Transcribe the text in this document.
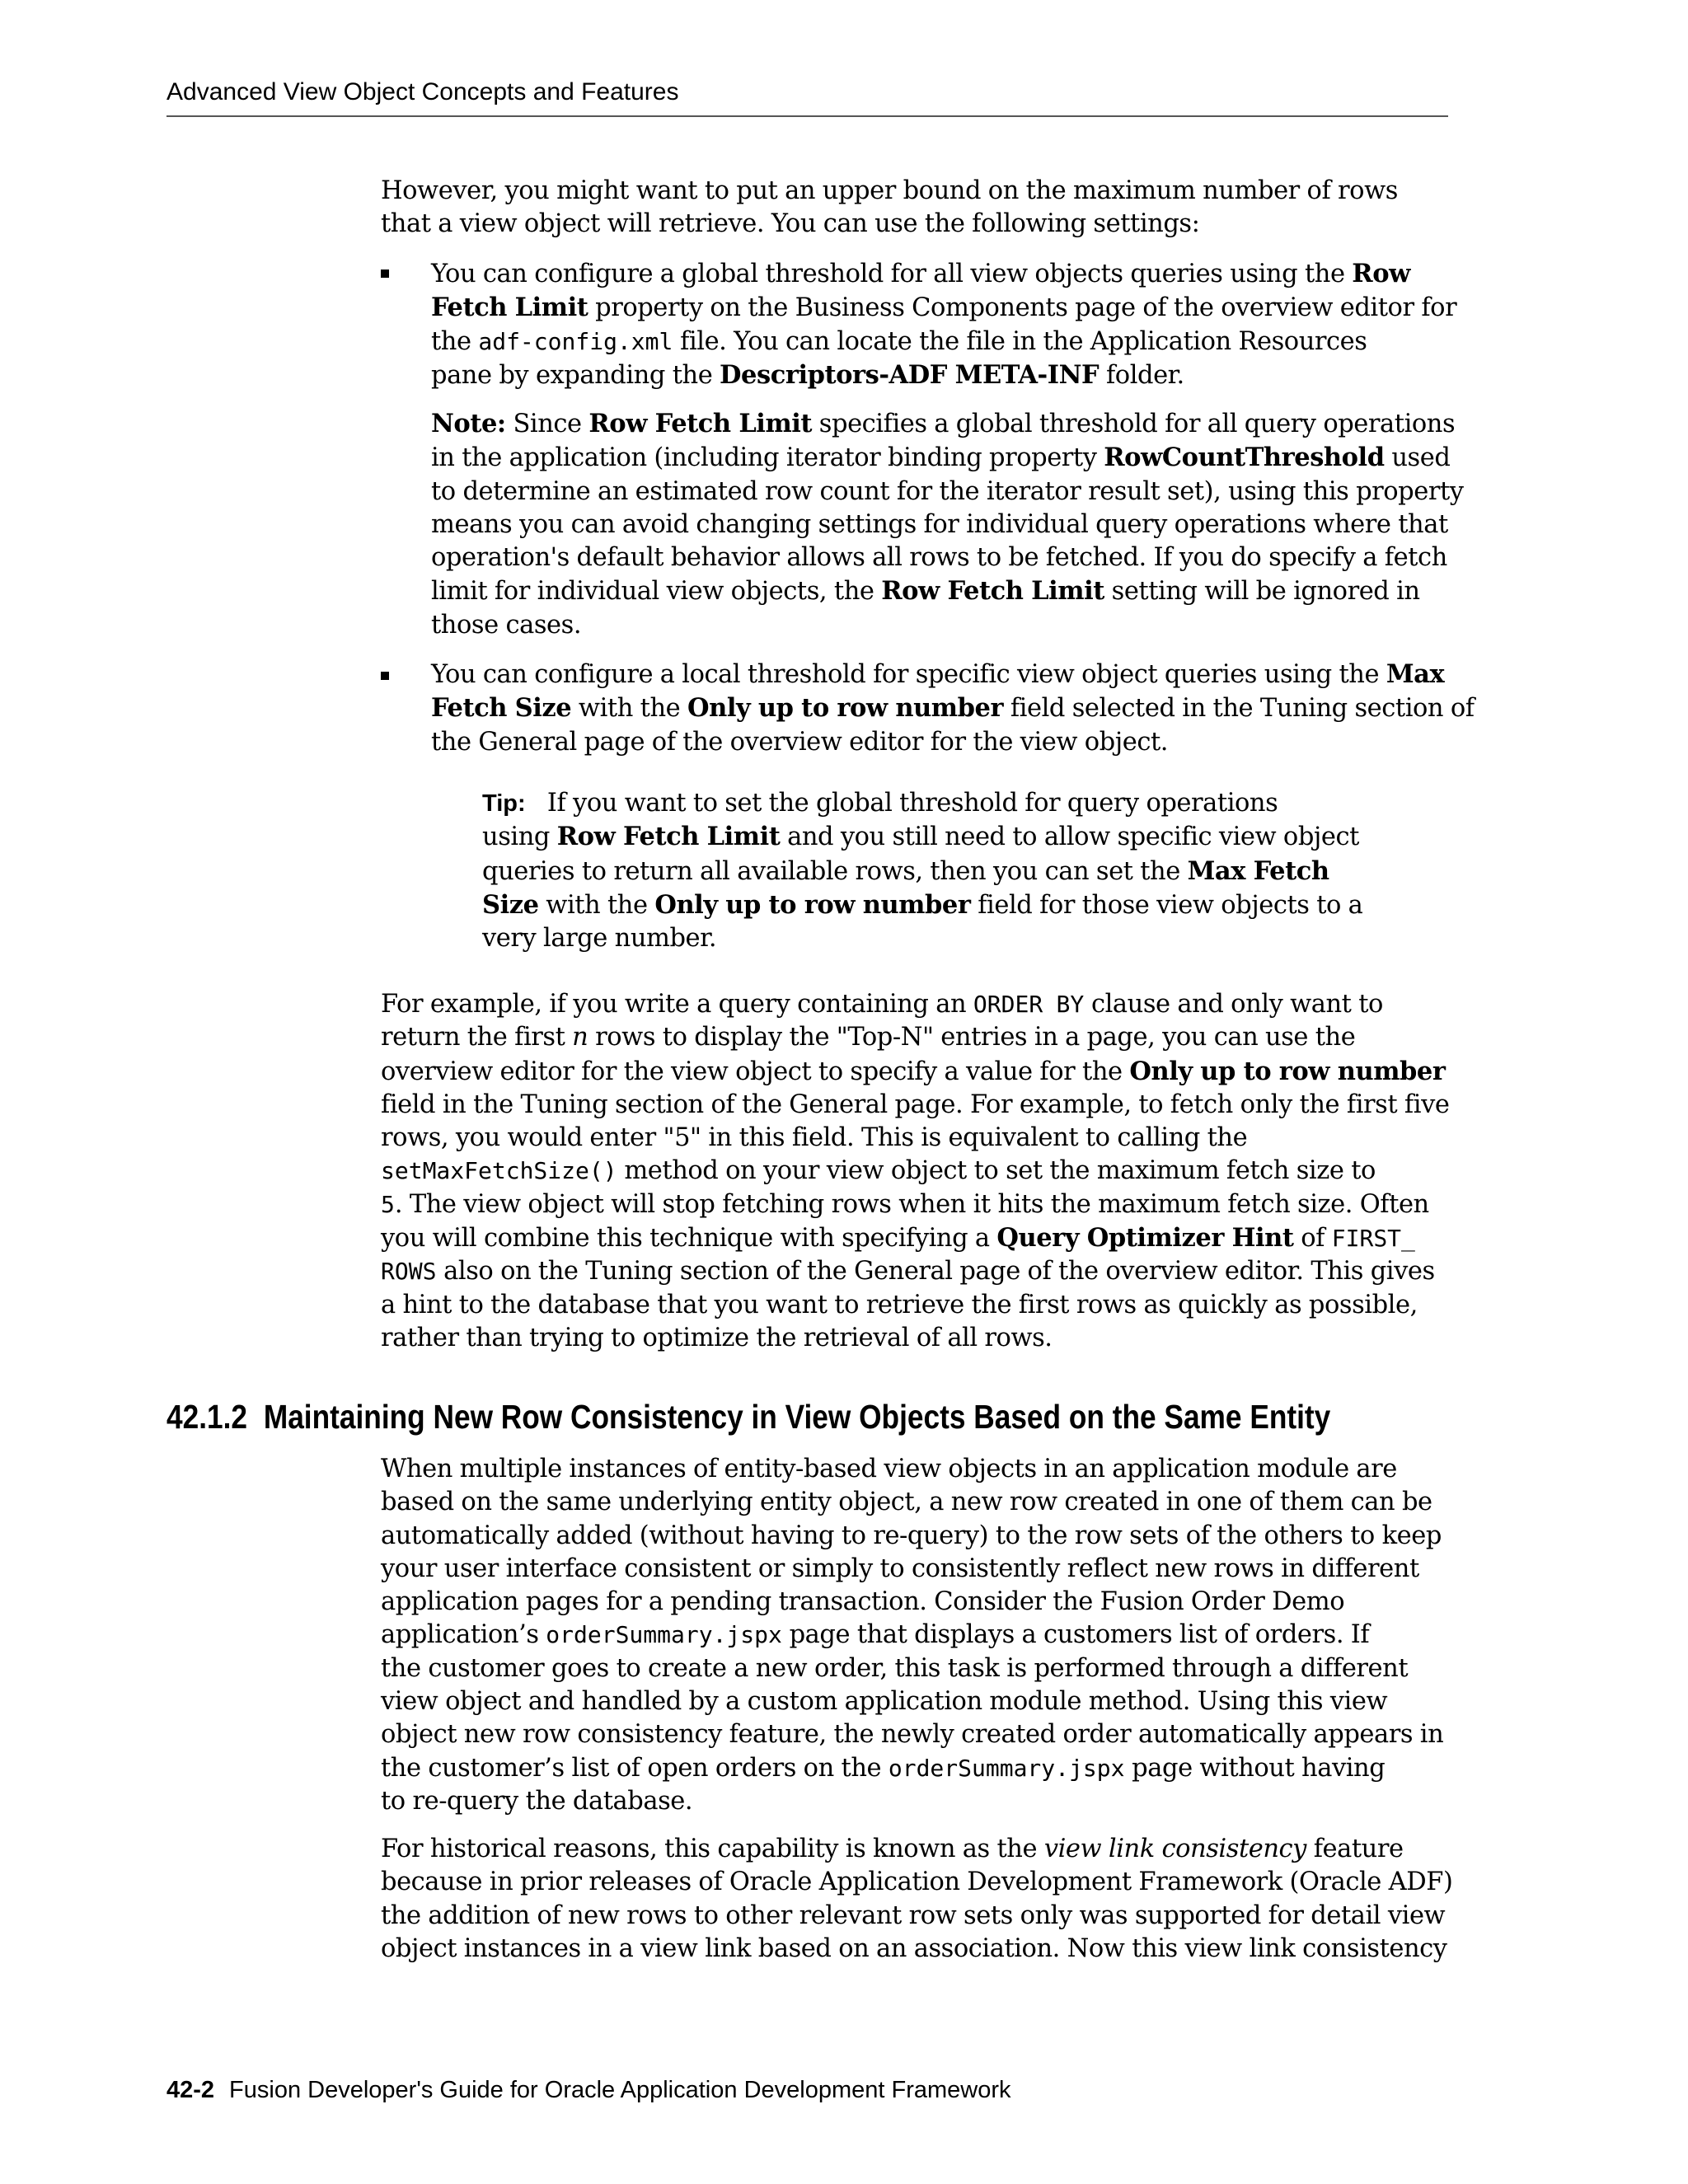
Advanced View Object Concepts and Features

However, you might want to put an upper bound on the maximum number of rows
that a view object will retrieve. You can use the following settings:

You can configure a global threshold for all view objects queries using the Row
Fetch Limit property on the Business Components page of the overview editor for
the adf-config.xml file. You can locate the file in the Application Resources
pane by expanding the Descriptors-ADF META-INF folder.

Note: Since Row Fetch Limit specifies a global threshold for all query operations
in the application (including iterator binding property RowCountThreshold used
to determine an estimated row count for the iterator result set), using this property
means you can avoid changing settings for individual query operations where that
operation's default behavior allows all rows to be fetched. If you do specify a fetch
limit for individual view objects, the Row Fetch Limit setting will be ignored in
those cases.

You can configure a local threshold for specific view object queries using the Max
Fetch Size with the Only up to row number field selected in the Tuning section of
the General page of the overview editor for the view object.

Tip: If you want to set the global threshold for query operations
using Row Fetch Limit and you still need to allow specific view object
queries to return all available rows, then you can set the Max Fetch
Size with the Only up to row number field for those view objects to a
very large number.

For example, if you write a query containing an ORDER BY clause and only want to
return the first n rows to display the "Top-N" entries in a page, you can use the
overview editor for the view object to specify a value for the Only up to row number
field in the Tuning section of the General page. For example, to fetch only the first five
rows, you would enter "5" in this field. This is equivalent to calling the
setMaxFetchSize() method on your view object to set the maximum fetch size to
5. The view object will stop fetching rows when it hits the maximum fetch size. Often
you will combine this technique with specifying a Query Optimizer Hint of FIRST_
ROWS also on the Tuning section of the General page of the overview editor. This gives
a hint to the database that you want to retrieve the first rows as quickly as possible,
rather than trying to optimize the retrieval of all rows.

42.1.2 Maintaining New Row Consistency in View Objects Based on the Same Entity

When multiple instances of entity-based view objects in an application module are
based on the same underlying entity object, a new row created in one of them can be
automatically added (without having to re-query) to the row sets of the others to keep
your user interface consistent or simply to consistently reflect new rows in different
application pages for a pending transaction. Consider the Fusion Order Demo
application’s orderSummary.jspx page that displays a customers list of orders. If
the customer goes to create a new order, this task is performed through a different
view object and handled by a custom application module method. Using this view
object new row consistency feature, the newly created order automatically appears in
the customer’s list of open orders on the orderSummary.jspx page without having
to re-query the database.

For historical reasons, this capability is known as the view link consistency feature
because in prior releases of Oracle Application Development Framework (Oracle ADF)
the addition of new rows to other relevant row sets only was supported for detail view
object instances in a view link based on an association. Now this view link consistency

42-2 Fusion Developer's Guide for Oracle Application Development Framework
